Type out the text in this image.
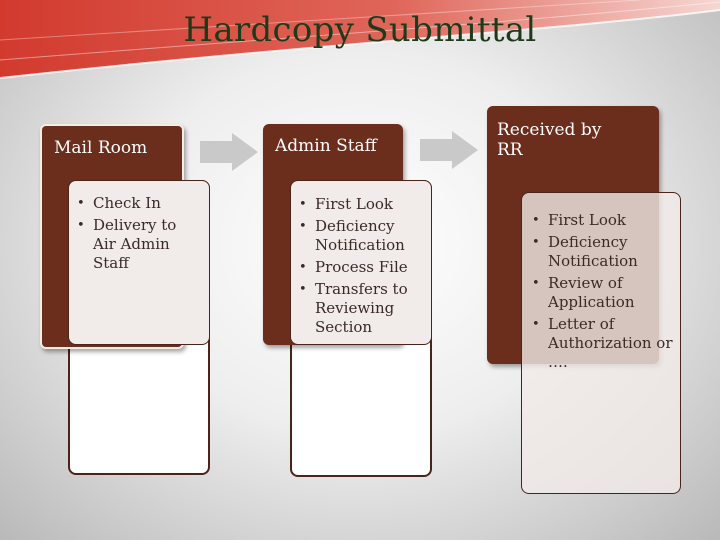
Hardcopy Submittal
Mail Room
• Check In
• Delivery to Air Admin Staff
Admin Staff
• First Look
• Deficiency Notification
• Process File
• Transfers to Reviewing Section
Received by RR
• First Look
• Deficiency Notification
• Review of Application
• Letter of Authorization or ….
